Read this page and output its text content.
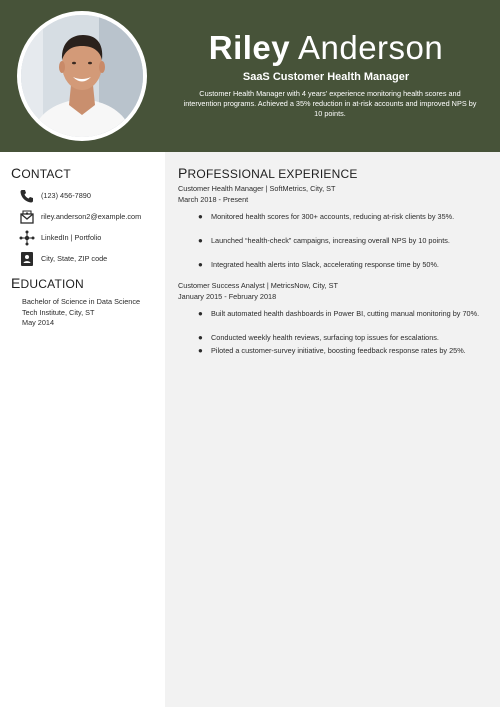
Riley Anderson
SaaS Customer Health Manager
Customer Health Manager with 4 years' experience monitoring health scores and intervention programs. Achieved a 35% reduction in at-risk accounts and improved NPS by 10 points.
CONTACT
(123) 456-7890
riley.anderson2@example.com
LinkedIn | Portfolio
City, State, ZIP code
EDUCATION
Bachelor of Science in Data Science
Tech Institute, City, ST
May 2014
PROFESSIONAL EXPERIENCE
Customer Health Manager | SoftMetrics, City, ST
March 2018 - Present
● Monitored health scores for 300+ accounts, reducing at-risk clients by 35%.
● Launched “health-check” campaigns, increasing overall NPS by 10 points.
● Integrated health alerts into Slack, accelerating response time by 50%.
Customer Success Analyst | MetricsNow, City, ST
January 2015 - February 2018
● Built automated health dashboards in Power BI, cutting manual monitoring by 70%.
● Conducted weekly health reviews, surfacing top issues for escalations.
● Piloted a customer-survey initiative, boosting feedback response rates by 25%.
